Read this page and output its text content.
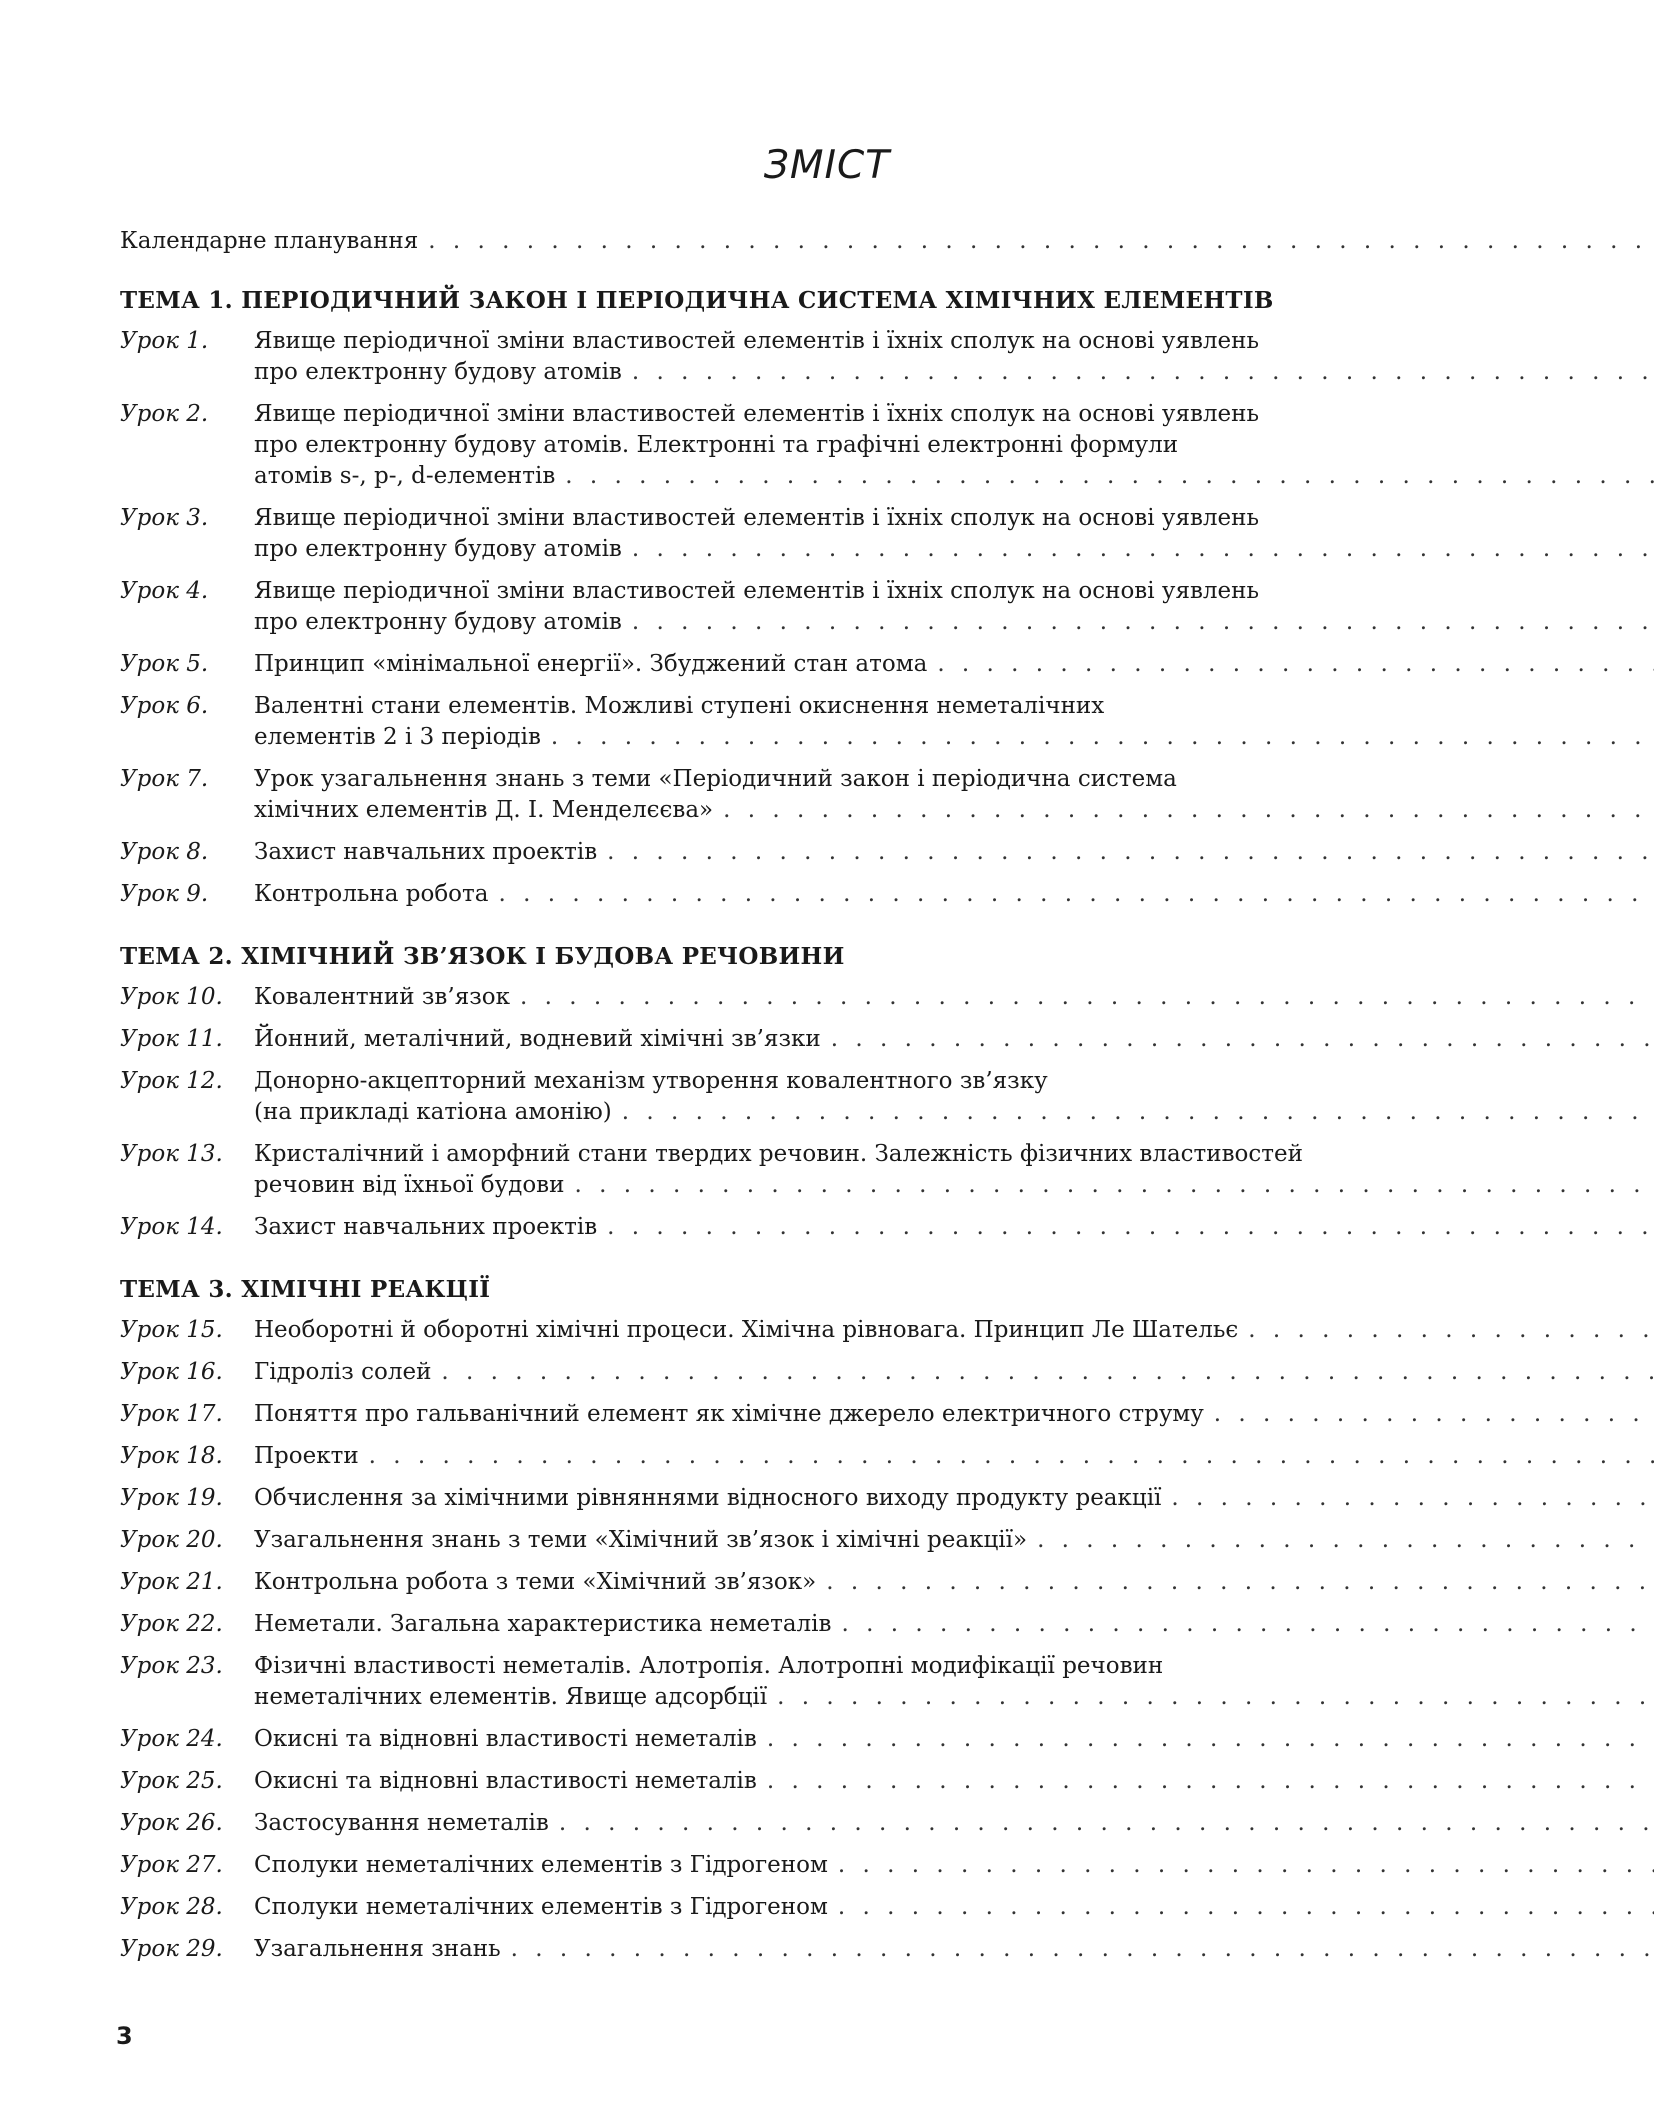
ЗМІСТ
Календарне планування
. . .
ТЕМА 1. ПЕРІОДИЧНИЙ ЗАКОН І ПЕРІОДИЧНА СИСТЕМА ХІМІЧНИХ ЕЛЕМЕНТІВ
Урок 1.	Явище періодичної зміни властивостей елементів і їхніх сполук на основі уявлень
про електронну будову атомів
. . .
Урок 2.	Явище періодичної зміни властивостей елементів і їхніх сполук на основі уявлень
про електронну будову атомів. Електронні та графічні електронні формули
атомів s-, p-, d-елементів
. . .
Урок 3.	Явище періодичної зміни властивостей елементів і їхніх сполук на основі уявлень
про електронну будову атомів
. . .
Урок 4.	Явище періодичної зміни властивостей елементів і їхніх сполук на основі уявлень
про електронну будову атомів
. . .
Урок 5.	Принцип «мінімальної енергії». Збуджений стан атома
. . .
Урок 6.	Валентні стани елементів. Можливі ступені окиснення неметалічних
елементів 2 і 3 періодів
. . .
Урок 7.	Урок узагальнення знань з теми «Періодичний закон і періодична система
хімічних елементів Д. І. Менделєєва»
. . .
Урок 8.	Захист навчальних проектів
. . .
Урок 9.	Контрольна робота
. . .
ТЕМА 2. ХІМІЧНИЙ ЗВ’ЯЗОК І БУДОВА РЕЧОВИНИ
Урок 10.	Ковалентний зв’язок
. . .
Урок 11.	Йонний, металічний, водневий хімічні зв’язки
. . .
Урок 12.	Донорно-акцепторний механізм утворення ковалентного зв’язку
(на прикладі катіона амонію)
. . .
Урок 13.	Кристалічний і аморфний стани твердих речовин. Залежність фізичних властивостей
речовин від їхньої будови
. . .
Урок 14.	Захист навчальних проектів
. . .
ТЕМА 3. ХІМІЧНІ РЕАКЦІЇ
Урок 15.	Необоротні й оборотні хімічні процеси. Хімічна рівновага. Принцип Ле Шательє
. . .
Урок 16.	Гідроліз солей
. . .
Урок 17.	Поняття про гальванічний елемент як хімічне джерело електричного струму
. . .
Урок 18.	Проекти
. . .
Урок 19.	Обчислення за хімічними рівняннями відносного виходу продукту реакції
. . .
Урок 20.	Узагальнення знань з теми «Хімічний зв’язок і хімічні реакції»
. . .
Урок 21.	Контрольна робота з теми «Хімічний зв’язок»
. . .
Урок 22.	Неметали. Загальна характеристика неметалів
. . .
Урок 23.	Фізичні властивості неметалів. Алотропія. Алотропні модифікації речовин
неметалічних елементів. Явище адсорбції
. . .
Урок 24.	Окисні та відновні властивості неметалів
. . .
Урок 25.	Окисні та відновні властивості неметалів
. . .
Урок 26.	Застосування неметалів
. . .
Урок 27.	Сполуки неметалічних елементів з Гідрогеном
. . .
Урок 28.	Сполуки неметалічних елементів з Гідрогеном
. . .
Урок 29.	Узагальнення знань
. . .
3
